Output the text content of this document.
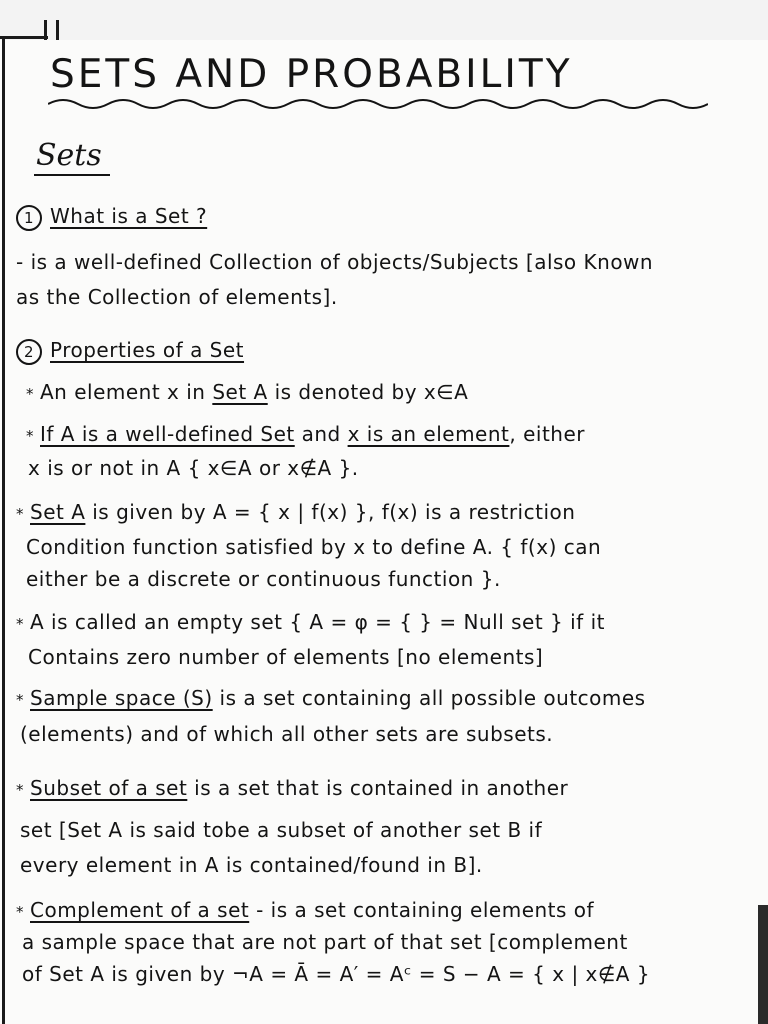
SETS AND PROBABILITY
Sets
1 What is a Set ?
- is a well-defined Collection of objects/Subjects [also Known
as the Collection of elements].
2 Properties of a Set
* An element x in Set A is denoted by x∈A
* If A is a well-defined Set and x is an element, either
x is or not in A { x∈A or x∉A }.
* Set A is given by A = { x | f(x) }, f(x) is a restriction
Condition function satisfied by x to define A. { f(x) can
either be a discrete or continuous function }.
* A is called an empty set { A = φ = { } = Null set } if it
Contains zero number of elements [no elements]
* Sample space (S) is a set containing all possible outcomes
(elements) and of which all other sets are subsets.
* Subset of a set is a set that is contained in another
set [Set A is said tobe a subset of another set B if
every element in A is contained/found in B].
* Complement of a set - is a set containing elements of
a sample space that are not part of that set [complement
of Set A is given by ¬A = Ā = A′ = Aᶜ = S − A = { x | x∉A }
